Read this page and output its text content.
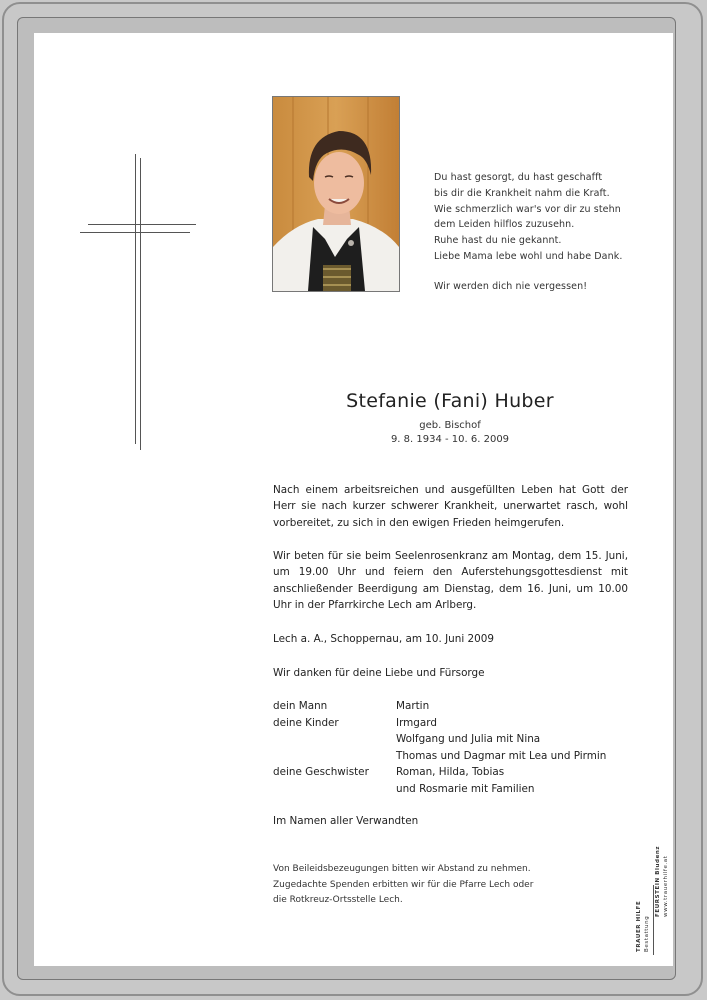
Du hast gesorgt, du hast geschafft
bis dir die Krankheit nahm die Kraft.
Wie schmerzlich war's vor dir zu stehn
dem Leiden hilflos zuzusehn.
Ruhe hast du nie gekannt.
Liebe Mama lebe wohl und habe Dank.
Wir werden dich nie vergessen!
Stefanie (Fani) Huber
geb. Bischof
9. 8. 1934 - 10. 6. 2009
Nach einem arbeitsreichen und ausgefüllten Leben hat Gott der Herr sie nach kurzer schwerer Krankheit, unerwartet rasch, wohl vorbereitet, zu sich in den ewigen Frieden heimgerufen.
Wir beten für sie beim Seelenrosenkranz am Montag, dem 15. Juni, um 19.00 Uhr und feiern den Auferstehungsgottesdienst mit anschließender Beerdigung am Dienstag, dem 16. Juni, um 10.00 Uhr in der Pfarrkirche Lech am Arlberg.
Lech a. A., Schoppernau, am 10. Juni 2009
Wir danken für deine Liebe und Fürsorge
dein Mann	Martin
deine Kinder	Irmgard
Wolfgang und Julia mit Nina
Thomas und Dagmar mit Lea und Pirmin
deine Geschwister	Roman, Hilda, Tobias
und Rosmarie mit Familien
Im Namen aller Verwandten
Von Beileidsbezeugungen bitten wir Abstand zu nehmen.
Zugedachte Spenden erbitten wir für die Pfarre Lech oder
die Rotkreuz-Ortsstelle Lech.
TRAUER HILFE Bestattung
FEURSTEIN Bludenz www.trauerhilfe.at
